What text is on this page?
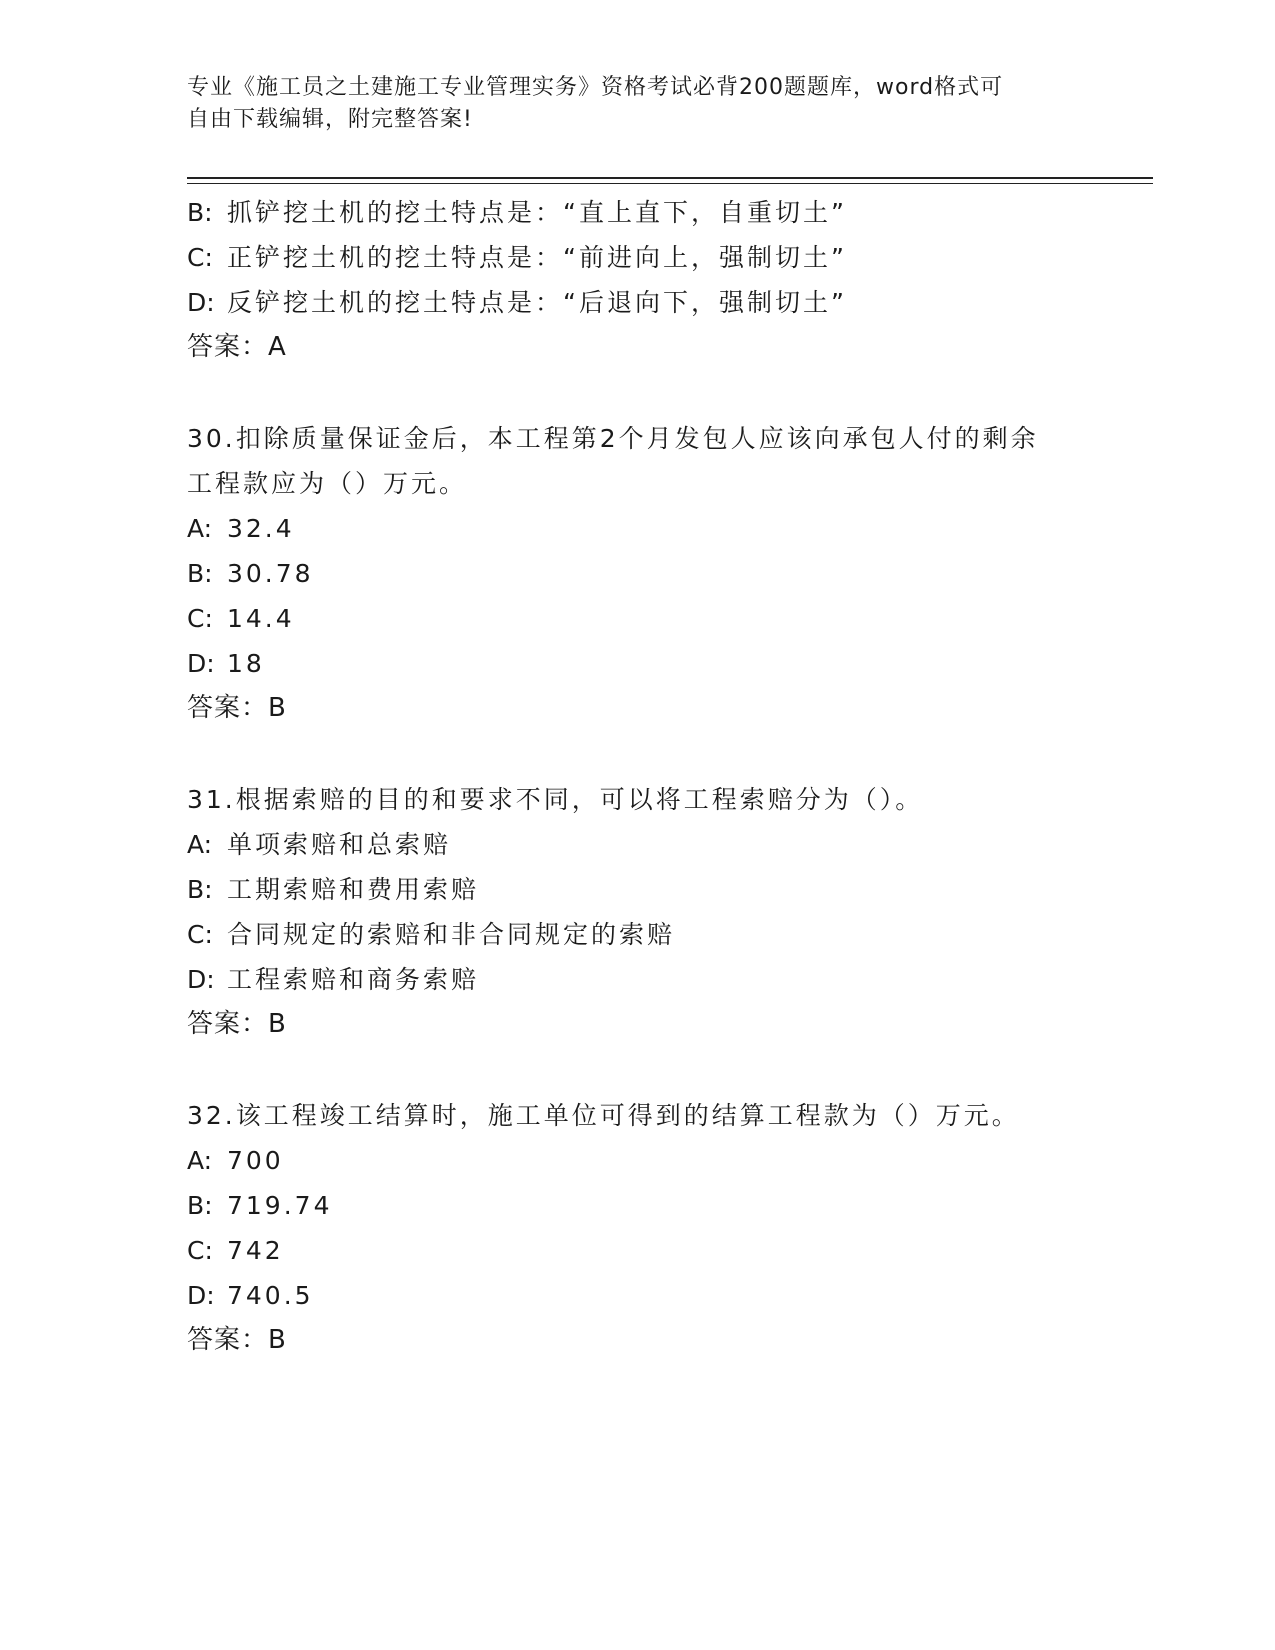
专业《施工员之土建施工专业管理实务》资格考试必背200题题库，word格式可
自由下载编辑，附完整答案!
B: 抓铲挖土机的挖土特点是：“直上直下，自重切土”
C: 正铲挖土机的挖土特点是：“前进向上，强制切土”
D: 反铲挖土机的挖土特点是：“后退向下，强制切土”
答案：A
30.扣除质量保证金后，本工程第2个月发包人应该向承包人付的剩余
工程款应为（）万元。
A: 32.4
B: 30.78
C: 14.4
D: 18
答案：B
31.根据索赔的目的和要求不同，可以将工程索赔分为（）。
A: 单项索赔和总索赔
B: 工期索赔和费用索赔
C: 合同规定的索赔和非合同规定的索赔
D: 工程索赔和商务索赔
答案：B
32.该工程竣工结算时，施工单位可得到的结算工程款为（）万元。
A: 700
B: 719.74
C: 742
D: 740.5
答案：B
